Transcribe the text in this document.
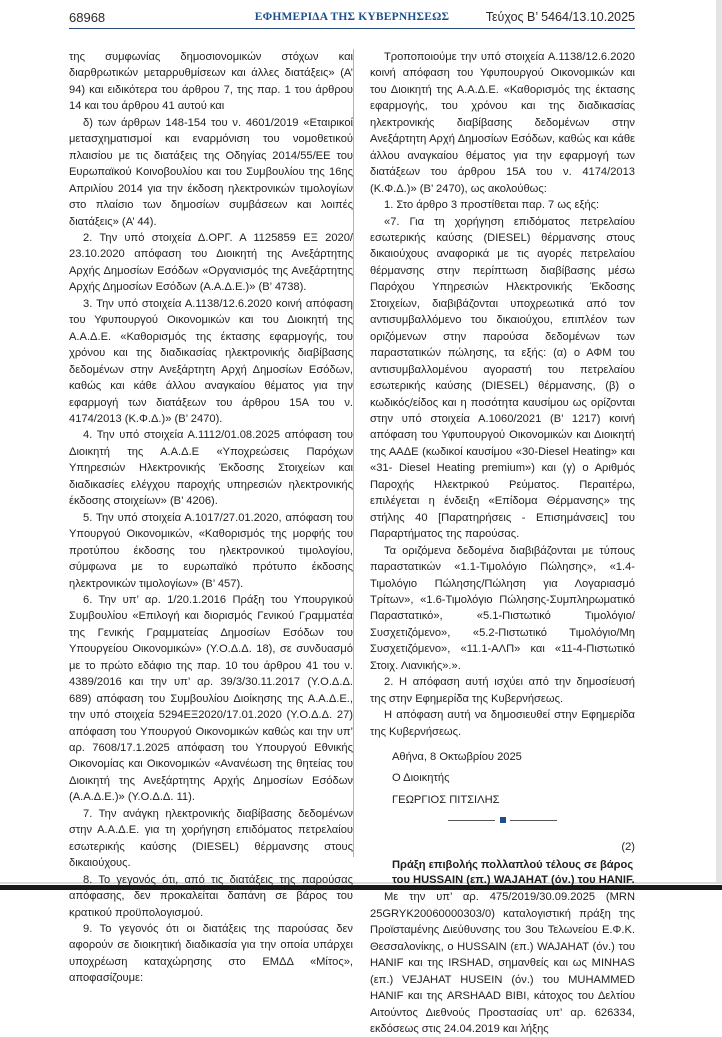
68968	ΕΦΗΜΕΡΙΔΑ ΤΗΣ ΚΥΒΕΡΝΗΣΕΩΣ	Τεύχος Β’ 5464/13.10.2025

της συμφωνίας δημοσιονομικών στόχων και διαρθρωτικών μεταρρυθμίσεων και άλλες διατάξεις» (Α’ 94) και ειδικότερα του άρθρου 7, της παρ. 1 του άρθρου 14 και του άρθρου 41 αυτού και

δ) των άρθρων 148-154 του ν. 4601/2019 «Εταιρικοί μετασχηματισμοί και εναρμόνιση του νομοθετικού πλαισίου με τις διατάξεις της Οδηγίας 2014/55/ΕΕ του Ευρωπαϊκού Κοινοβουλίου και του Συμβουλίου της 16ης Απριλίου 2014 για την έκδοση ηλεκτρονικών τιμολογίων στο πλαίσιο των δημοσίων συμβάσεων και λοιπές διατάξεις» (Α’ 44).

2. Την υπό στοιχεία Δ.ΟΡΓ. Α 1125859 ΕΞ 2020/ 23.10.2020 απόφαση του Διοικητή της Ανεξάρτητης Αρχής Δημοσίων Εσόδων «Οργανισμός της Ανεξάρτητης Αρχής Δημοσίων Εσόδων (Α.Α.Δ.Ε.)» (Β’ 4738).

3. Την υπό στοιχεία Α.1138/12.6.2020 κοινή απόφαση του Υφυπουργού Οικονομικών και του Διοικητή της Α.Α.Δ.Ε. «Καθορισμός της έκτασης εφαρμογής, του χρόνου και της διαδικασίας ηλεκτρονικής διαβίβασης δεδομένων στην Ανεξάρτητη Αρχή Δημοσίων Εσόδων, καθώς και κάθε άλλου αναγκαίου θέματος για την εφαρμογή των διατάξεων του άρθρου 15Α του ν. 4174/2013 (Κ.Φ.Δ.)» (Β’ 2470).

4. Την υπό στοιχεία Α.1112/01.08.2025 απόφαση του Διοικητή της Α.Α.Δ.Ε «Υποχρεώσεις Παρόχων Υπηρεσιών Ηλεκτρονικής Έκδοσης Στοιχείων και διαδικασίες ελέγχου παροχής υπηρεσιών ηλεκτρονικής έκδοσης στοιχείων» (Β’ 4206).

5. Την υπό στοιχεία Α.1017/27.01.2020, απόφαση του Υπουργού Οικονομικών, «Καθορισμός της μορφής του προτύπου έκδοσης του ηλεκτρονικού τιμολογίου, σύμφωνα με το ευρωπαϊκό πρότυπο έκδοσης ηλεκτρονικών τιμολογίων» (Β’ 457).

6. Την υπ’ αρ. 1/20.1.2016 Πράξη του Υπουργικού Συμβουλίου «Επιλογή και διορισμός Γενικού Γραμματέα της Γενικής Γραμματείας Δημοσίων Εσόδων του Υπουργείου Οικονομικών» (Υ.Ο.Δ.Δ. 18), σε συνδυασμό με το πρώτο εδάφιο της παρ. 10 του άρθρου 41 του ν. 4389/2016 και την υπ’ αρ. 39/3/30.11.2017 (Υ.Ο.Δ.Δ. 689) απόφαση του Συμβουλίου Διοίκησης της Α.Α.Δ.Ε., την υπό στοιχεία 5294ΕΞ2020/17.01.2020 (Υ.Ο.Δ.Δ. 27) απόφαση του Υπουργού Οικονομικών καθώς και την υπ’ αρ. 7608/17.1.2025 απόφαση του Υπουργού Εθνικής Οικονομίας και Οικονομικών «Ανανέωση της θητείας του Διοικητή της Ανεξάρτητης Αρχής Δημοσίων Εσόδων (Α.Α.Δ.Ε.)» (Υ.Ο.Δ.Δ. 11).

7. Την ανάγκη ηλεκτρονικής διαβίβασης δεδομένων στην Α.Α.Δ.Ε. για τη χορήγηση επιδόματος πετρελαίου εσωτερικής καύσης (DIESEL) θέρμανσης στους δικαιούχους.

8. Το γεγονός ότι, από τις διατάξεις της παρούσας απόφασης, δεν προκαλείται δαπάνη σε βάρος του κρατικού προϋπολογισμού.

9. Το γεγονός ότι οι διατάξεις της παρούσας δεν αφορούν σε διοικητική διαδικασία για την οποία υπάρχει υποχρέωση καταχώρησης στο ΕΜΔΔ «Μίτος», αποφασίζουμε:

Τροποποιούμε την υπό στοιχεία Α.1138/12.6.2020 κοινή απόφαση του Υφυπουργού Οικονομικών και του Διοικητή της Α.Α.Δ.Ε. «Καθορισμός της έκτασης εφαρμογής, του χρόνου και της διαδικασίας ηλεκτρονικής διαβίβασης δεδομένων στην Ανεξάρτητη Αρχή Δημοσίων Εσόδων, καθώς και κάθε άλλου αναγκαίου θέματος για την εφαρμογή των διατάξεων του άρθρου 15Α του ν. 4174/2013 (Κ.Φ.Δ.)» (Β’ 2470), ως ακολούθως:

1. Στο άρθρο 3 προστίθεται παρ. 7 ως εξής:

«7. Για τη χορήγηση επιδόματος πετρελαίου εσωτερικής καύσης (DIESEL) θέρμανσης στους δικαιούχους αναφορικά με τις αγορές πετρελαίου θέρμανσης στην περίπτωση διαβίβασης μέσω Παρόχου Υπηρεσιών Ηλεκτρονικής Έκδοσης Στοιχείων, διαβιβάζονται υποχρεωτικά από τον αντισυμβαλλόμενο του δικαιούχου, επιπλέον των οριζόμενων στην παρούσα δεδομένων των παραστατικών πώλησης, τα εξής: (α) ο ΑΦΜ του αντισυμβαλλομένου αγοραστή του πετρελαίου εσωτερικής καύσης (DIESEL) θέρμανσης, (β) ο κωδικός/είδος και η ποσότητα καυσίμου ως ορίζονται στην υπό στοιχεία Α.1060/2021 (Β’ 1217) κοινή απόφαση του Υφυπουργού Οικονομικών και Διοικητή της ΑΑΔΕ (κωδικοί καυσίμου «30-Diesel Heating» και «31- Diesel Heating premium») και (γ) ο Αριθμός Παροχής Ηλεκτρικού Ρεύματος. Περαιτέρω, επιλέγεται η ένδειξη «Επίδομα Θέρμανσης» της στήλης 40 [Παρατηρήσεις - Επισημάνσεις] του Παραρτήματος της παρούσας.

Τα οριζόμενα δεδομένα διαβιβάζονται με τύπους παραστατικών «1.1-Τιμολόγιο Πώλησης», «1.4-Τιμολόγιο Πώλησης/Πώληση για Λογαριασμό Τρίτων», «1.6-Τιμολόγιο Πώλησης-Συμπληρωματικό Παραστατικό», «5.1-Πιστωτικό Τιμολόγιο/Συσχετιζόμενο», «5.2-Πιστωτικό Τιμολόγιο/Μη Συσχετιζόμενο», «11.1-ΑΛΠ» και «11-4-Πιστωτικό Στοιχ. Λιανικής».».

2. Η απόφαση αυτή ισχύει από την δημοσίευσή της στην Εφημερίδα της Κυβερνήσεως.

Η απόφαση αυτή να δημοσιευθεί στην Εφημερίδα της Κυβερνήσεως.

Αθήνα, 8 Οκτωβρίου 2025
Ο Διοικητής
ΓΕΩΡΓΙΟΣ ΠΙΤΣΙΛΗΣ
(2)
Πράξη επιβολής πολλαπλού τέλους σε βάρος του HUSSAIN (επ.) WAJAHAT (όν.) του HANIF.

Με την υπ’ αρ. 475/2019/30.09.2025 (MRN 25GRYK20060000303/0) καταλογιστική πράξη της Προϊσταμένης Διεύθυνσης του 3ου Τελωνείου Ε.Φ.Κ. Θεσσαλονίκης, ο HUSSAIN (επ.) WAJAHAT (όν.) του HANIF και της IRSHAD, σημανθείς και ως MINHAS (επ.) VEJAHAT HUSEIN (όν.) του MUHAMMED HANIF και της ARSHAAD BIBI, κάτοχος του Δελτίου Αιτούντος Διεθνούς Προστασίας υπ’ αρ. 626334, εκδόσεως στις 24.04.2019 και λήξης
